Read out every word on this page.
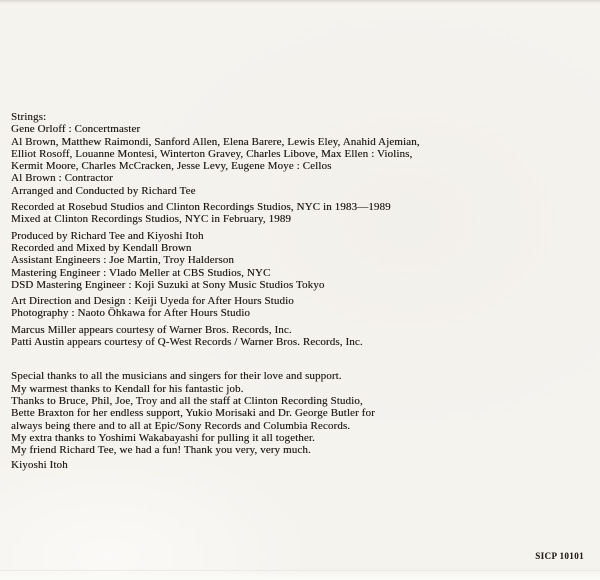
Strings:
Gene Orloff : Concertmaster
Al Brown, Matthew Raimondi, Sanford Allen, Elena Barere, Lewis Eley, Anahid Ajemian,
Elliot Rosoff, Louanne Montesi, Winterton Gravey, Charles Libove, Max Ellen : Violins,
Kermit Moore, Charles McCracken, Jesse Levy, Eugene Moye : Cellos
Al Brown : Contractor
Arranged and Conducted by Richard Tee
Recorded at Rosebud Studios and Clinton Recordings Studios, NYC in 1983—1989
Mixed at Clinton Recordings Studios, NYC in February, 1989
Produced by Richard Tee and Kiyoshi Itoh
Recorded and Mixed by Kendall Brown
Assistant Engineers : Joe Martin, Troy Halderson
Mastering Engineer : Vlado Meller at CBS Studios, NYC
DSD Mastering Engineer : Koji Suzuki at Sony Music Studios Tokyo
Art Direction and Design : Keiji Uyeda for After Hours Studio
Photography : Naoto Ōhkawa for After Hours Studio
Marcus Miller appears courtesy of Warner Bros. Records, Inc.
Patti Austin appears courtesy of Q-West Records / Warner Bros. Records, Inc.
Special thanks to all the musicians and singers for their love and support.
My warmest thanks to Kendall for his fantastic job.
Thanks to Bruce, Phil, Joe, Troy and all the staff at Clinton Recording Studio,
Bette Braxton for her endless support, Yukio Morisaki and Dr. George Butler for
always being there and to all at Epic/Sony Records and Columbia Records.
My extra thanks to Yoshimi Wakabayashi for pulling it all together.
My friend Richard Tee, we had a fun! Thank you very, very much.
Kiyoshi Itoh
SICP 10101
